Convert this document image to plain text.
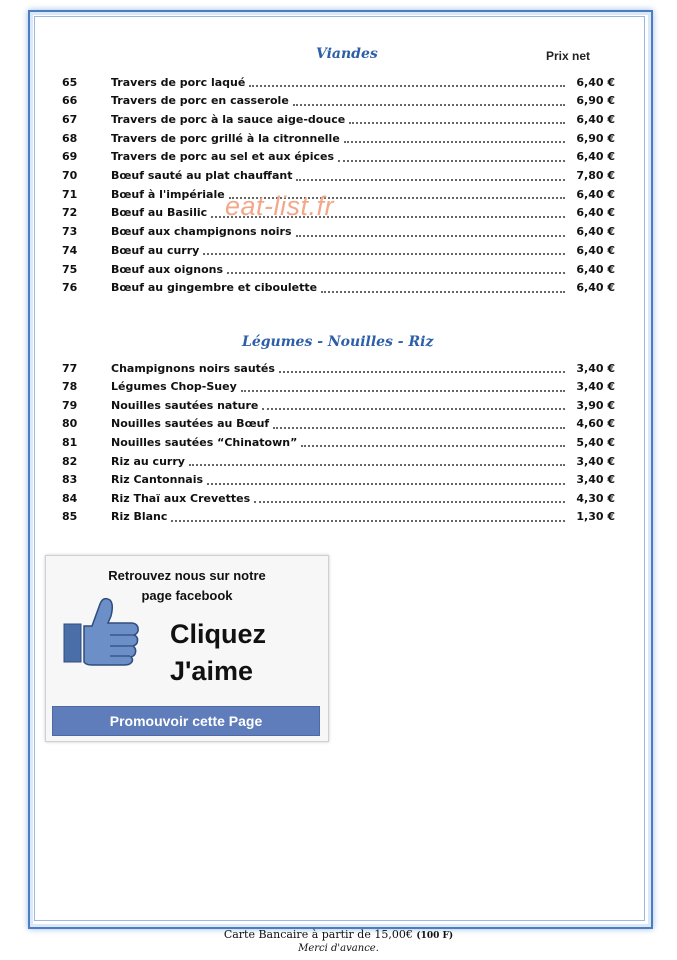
Viandes	Prix net
65	Travers de porc laqué	6,40 €
66	Travers de porc en casserole	6,90 €
67	Travers de porc à la sauce aige-douce	6,40 €
68	Travers de porc grillé à la citronnelle	6,90 €
69	Travers de porc au sel et aux épices	6,40 €
70	Bœuf sauté au plat chauffant	7,80 €
71	Bœuf à l'impériale	6,40 €
72	Bœuf au Basilic	6,40 €
73	Bœuf aux champignons noirs	6,40 €
74	Bœuf au curry	6,40 €
75	Bœuf aux oignons	6,40 €
76	Bœuf au gingembre et ciboulette	6,40 €
Légumes - Nouilles - Riz
77	Champignons noirs sautés	3,40 €
78	Légumes Chop-Suey	3,40 €
79	Nouilles sautées nature	3,90 €
80	Nouilles sautées au Bœuf	4,60 €
81	Nouilles sautées “Chinatown”	5,40 €
82	Riz au curry	3,40 €
83	Riz Cantonnais	3,40 €
84	Riz Thaï aux Crevettes	4,30 €
85	Riz Blanc	1,30 €
eat-list.fr
Retrouvez nous sur notre
page facebook
Cliquez
J'aime
Promouvoir cette Page
Carte Bancaire à partir de 15,00€ (100 F)
Merci d'avance.
